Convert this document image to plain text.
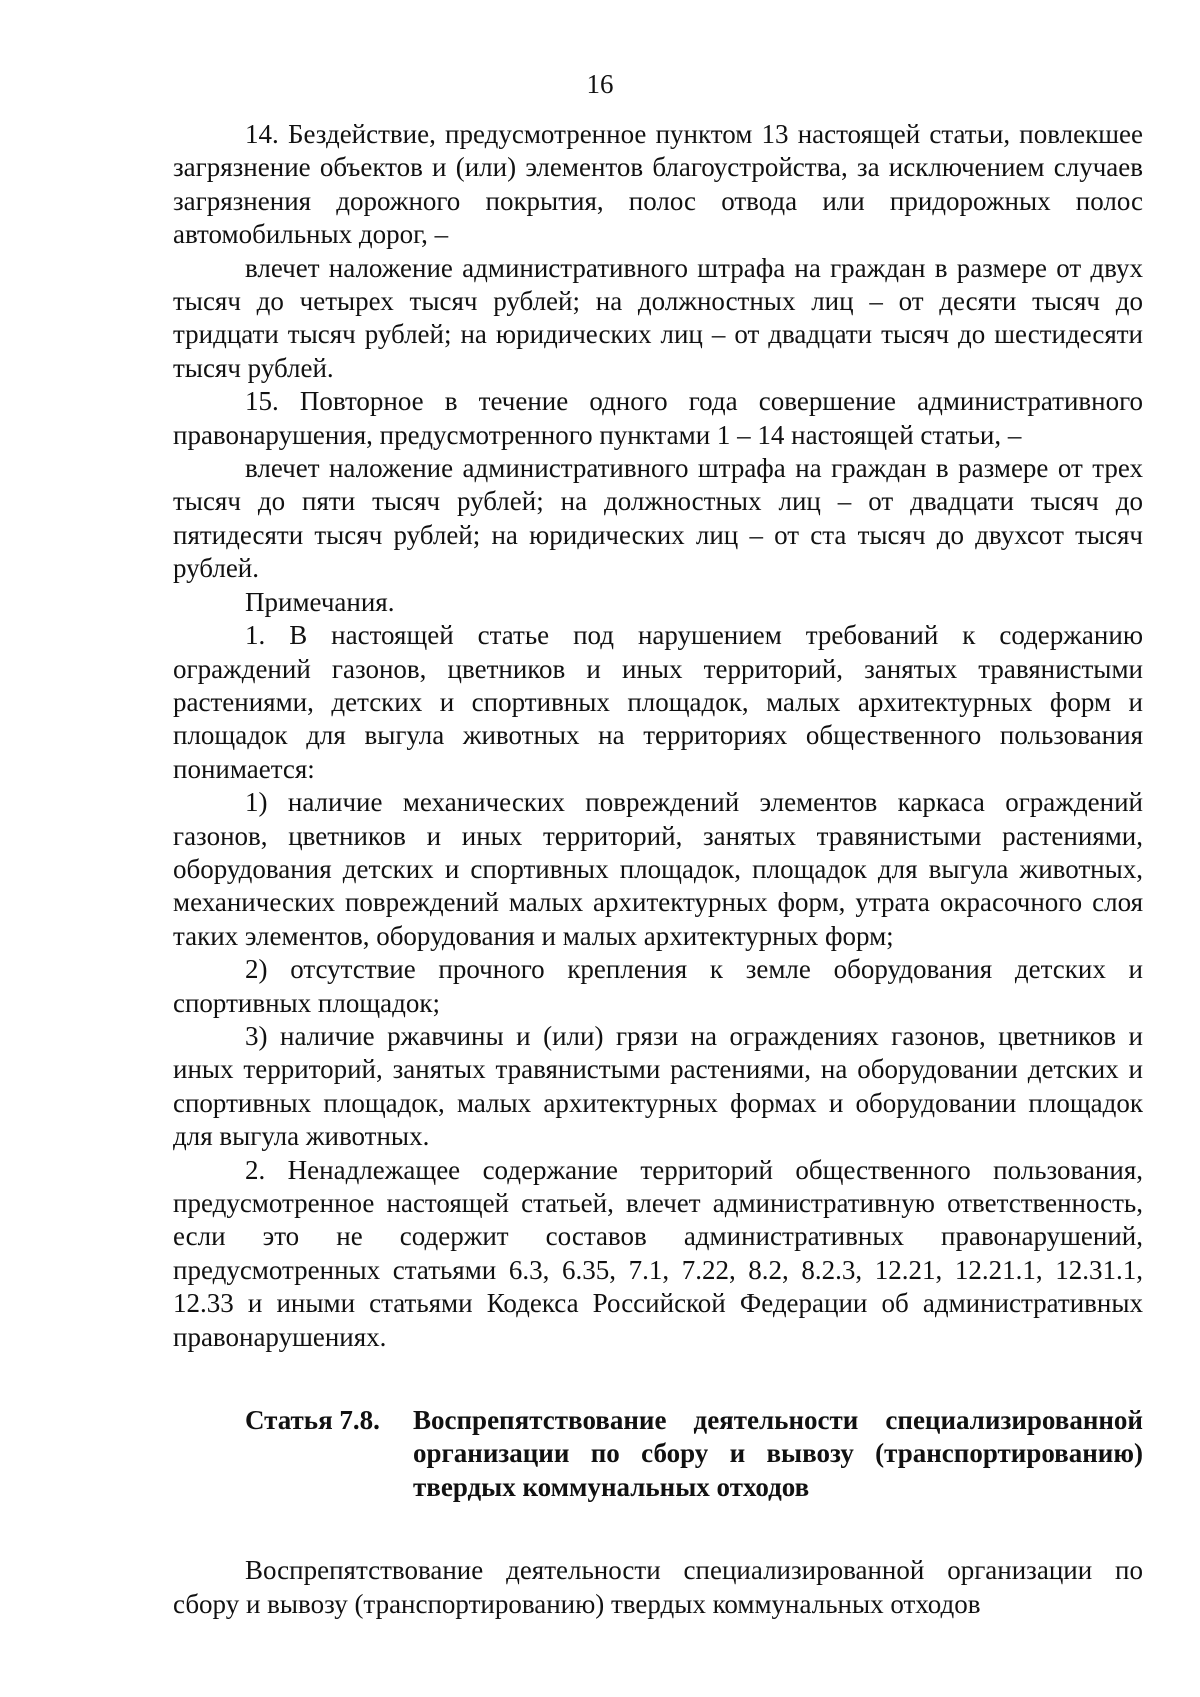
16

14. Бездействие, предусмотренное пунктом 13 настоящей статьи, повлекшее загрязнение объектов и (или) элементов благоустройства, за исключением случаев загрязнения дорожного покрытия, полос отвода или придорожных полос автомобильных дорог, –

влечет наложение административного штрафа на граждан в размере от двух тысяч до четырех тысяч рублей; на должностных лиц – от десяти тысяч до тридцати тысяч рублей; на юридических лиц – от двадцати тысяч до шестидесяти тысяч рублей.

15. Повторное в течение одного года совершение административного правонарушения, предусмотренного пунктами 1 – 14 настоящей статьи, –

влечет наложение административного штрафа на граждан в размере от трех тысяч до пяти тысяч рублей; на должностных лиц – от двадцати тысяч до пятидесяти тысяч рублей; на юридических лиц – от ста тысяч до двухсот тысяч рублей.

Примечания.

1. В настоящей статье под нарушением требований к содержанию ограждений газонов, цветников и иных территорий, занятых травянистыми растениями, детских и спортивных площадок, малых архитектурных форм и площадок для выгула животных на территориях общественного пользования понимается:

1) наличие механических повреждений элементов каркаса ограждений газонов, цветников и иных территорий, занятых травянистыми растениями, оборудования детских и спортивных площадок, площадок для выгула животных, механических повреждений малых архитектурных форм, утрата окрасочного слоя таких элементов, оборудования и малых архитектурных форм;

2) отсутствие прочного крепления к земле оборудования детских и спортивных площадок;

3) наличие ржавчины и (или) грязи на ограждениях газонов, цветников и иных территорий, занятых травянистыми растениями, на оборудовании детских и спортивных площадок, малых архитектурных формах и оборудовании площадок для выгула животных.

2. Ненадлежащее содержание территорий общественного пользования, предусмотренное настоящей статьей, влечет административную ответственность, если это не содержит составов административных правонарушений, предусмотренных статьями 6.3, 6.35, 7.1, 7.22, 8.2, 8.2.3, 12.21, 12.21.1, 12.31.1, 12.33 и иными статьями Кодекса Российской Федерации об административных правонарушениях.

Статья 7.8. Воспрепятствование деятельности специализированной организации по сбору и вывозу (транспортированию) твердых коммунальных отходов

Воспрепятствование деятельности специализированной организации по сбору и вывозу (транспортированию) твердых коммунальных отходов
